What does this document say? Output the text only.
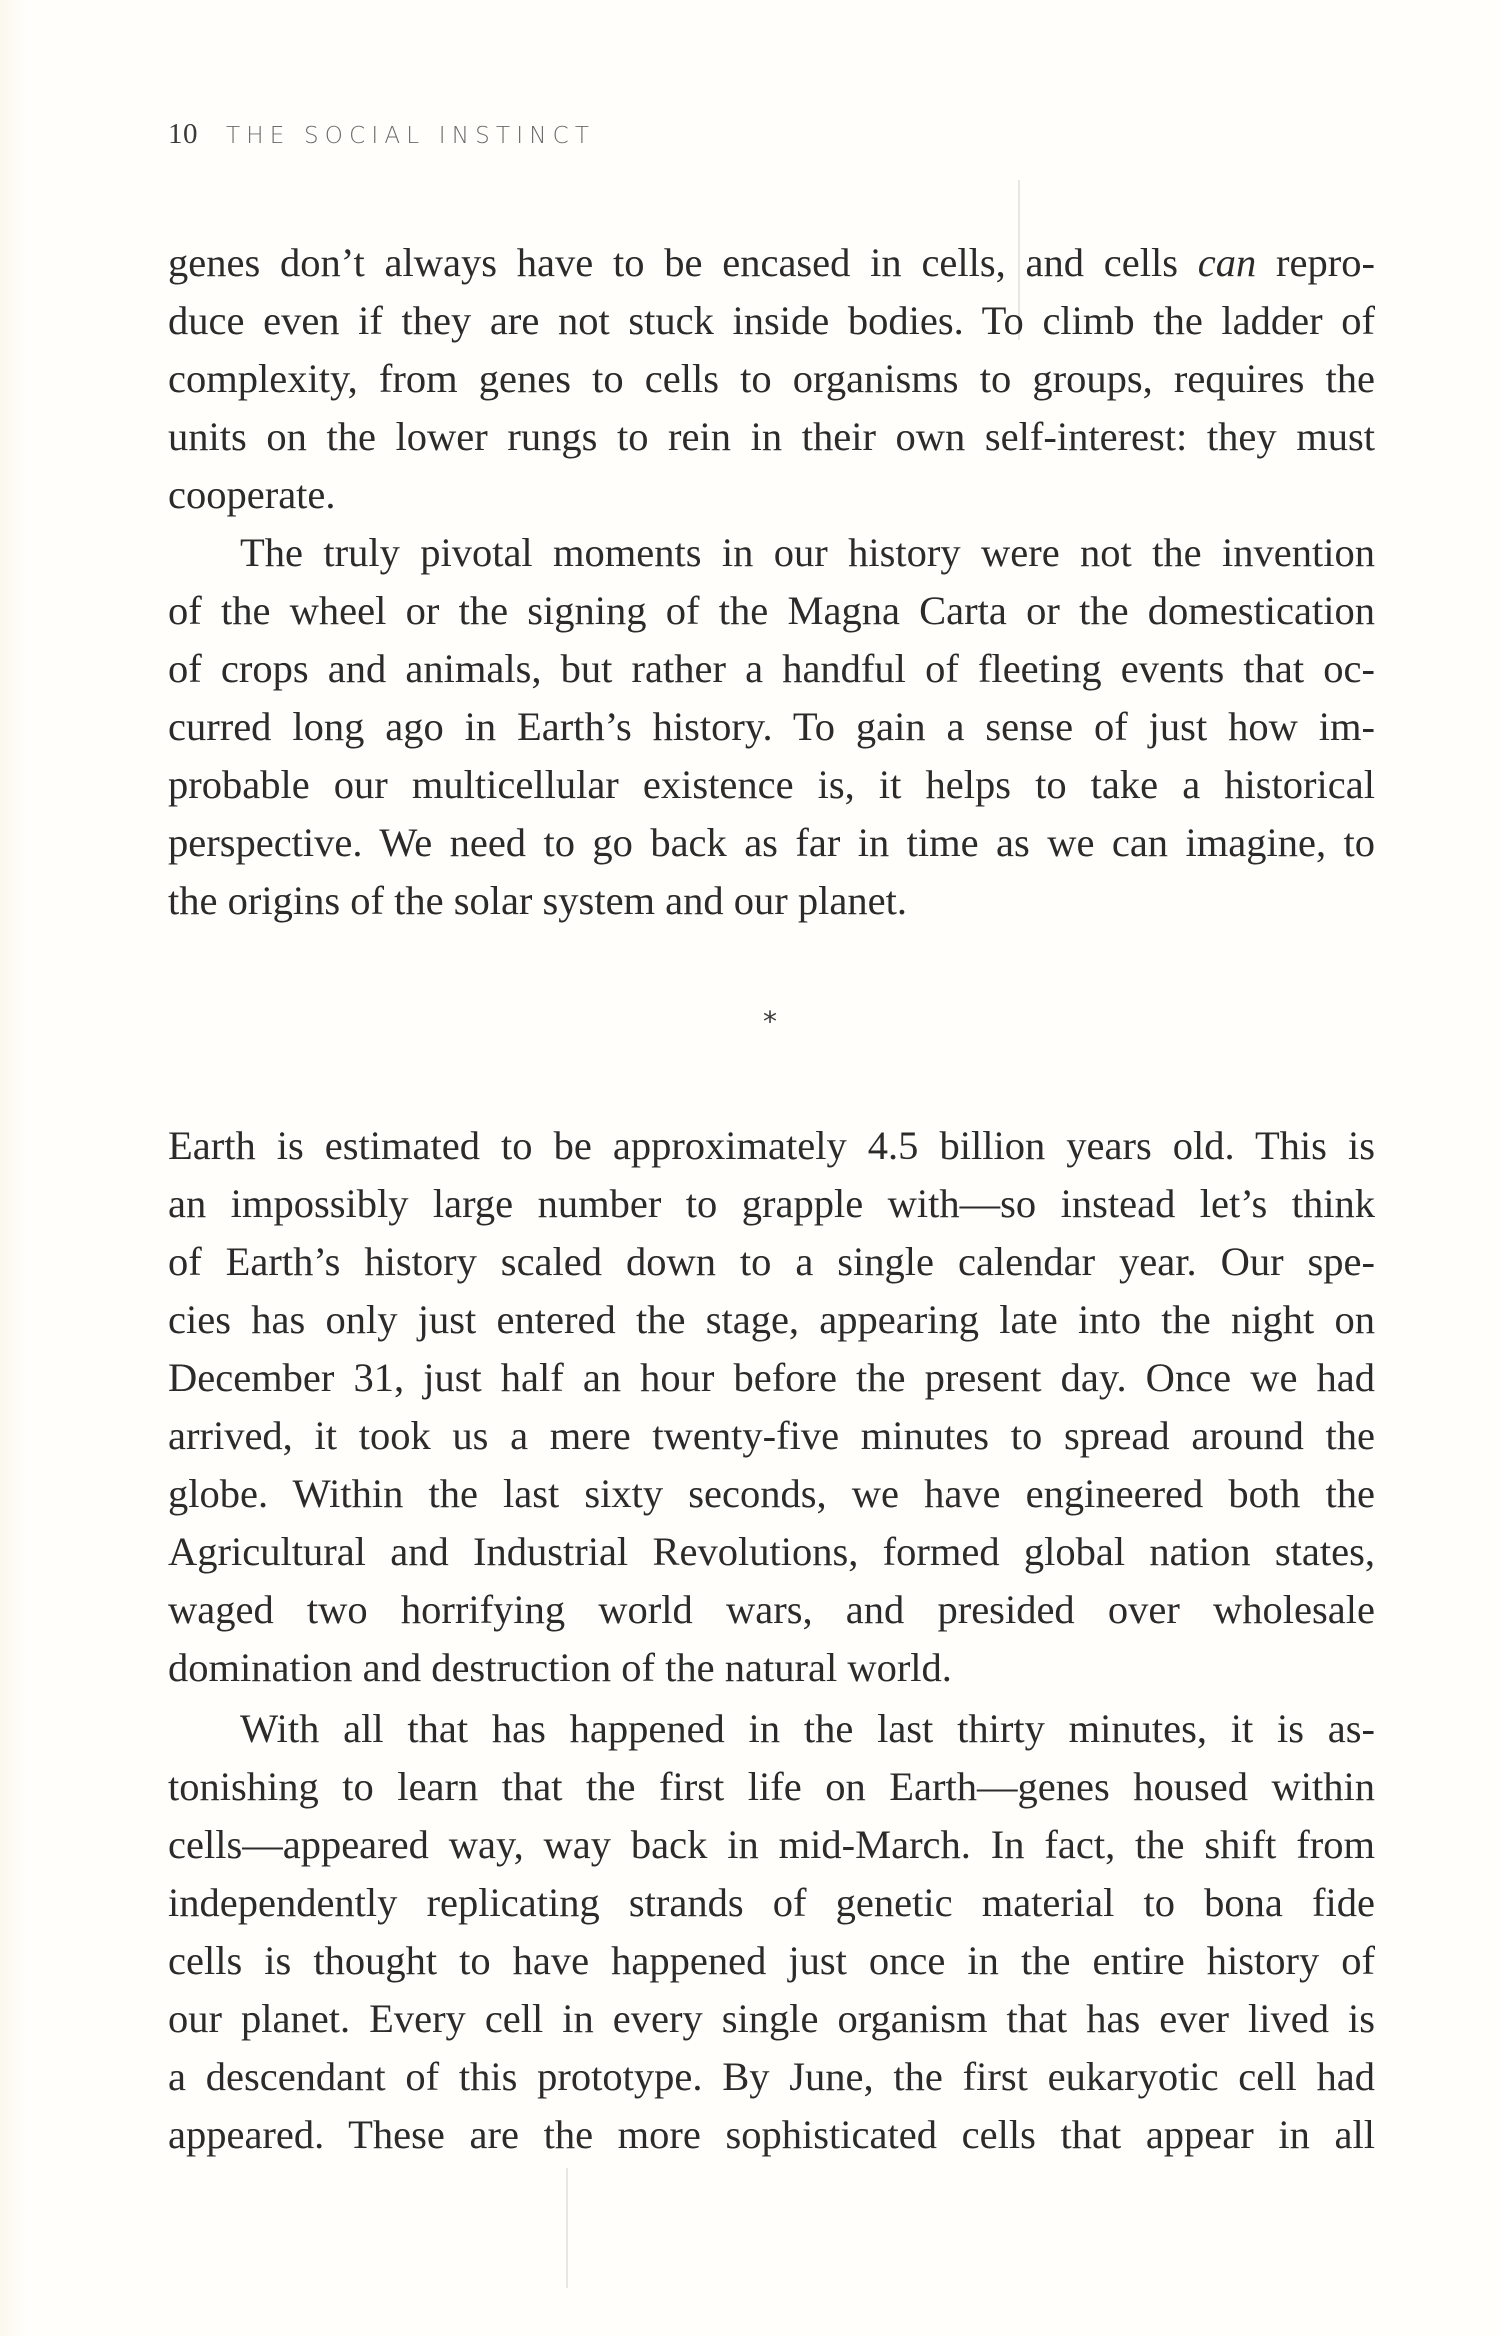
10 THE SOCIAL INSTINCT
genes don’t always have to be encased in cells, and cells can repro-
duce even if they are not stuck inside bodies. To climb the ladder of
complexity, from genes to cells to organisms to groups, requires the
units on the lower rungs to rein in their own self-interest: they must
cooperate.
The truly pivotal moments in our history were not the invention
of the wheel or the signing of the Magna Carta or the domestication
of crops and animals, but rather a handful of fleeting events that oc-
curred long ago in Earth’s history. To gain a sense of just how im-
probable our multicellular existence is, it helps to take a historical
perspective. We need to go back as far in time as we can imagine, to
the origins of the solar system and our planet.
*
Earth is estimated to be approximately 4.5 billion years old. This is
an impossibly large number to grapple with—so instead let’s think
of Earth’s history scaled down to a single calendar year. Our spe-
cies has only just entered the stage, appearing late into the night on
December 31, just half an hour before the present day. Once we had
arrived, it took us a mere twenty-five minutes to spread around the
globe. Within the last sixty seconds, we have engineered both the
Agricultural and Industrial Revolutions, formed global nation states,
waged two horrifying world wars, and presided over wholesale
domination and destruction of the natural world.
With all that has happened in the last thirty minutes, it is as-
tonishing to learn that the first life on Earth—genes housed within
cells—appeared way, way back in mid-March. In fact, the shift from
independently replicating strands of genetic material to bona fide
cells is thought to have happened just once in the entire history of
our planet. Every cell in every single organism that has ever lived is
a descendant of this prototype. By June, the first eukaryotic cell had
appeared. These are the more sophisticated cells that appear in all
